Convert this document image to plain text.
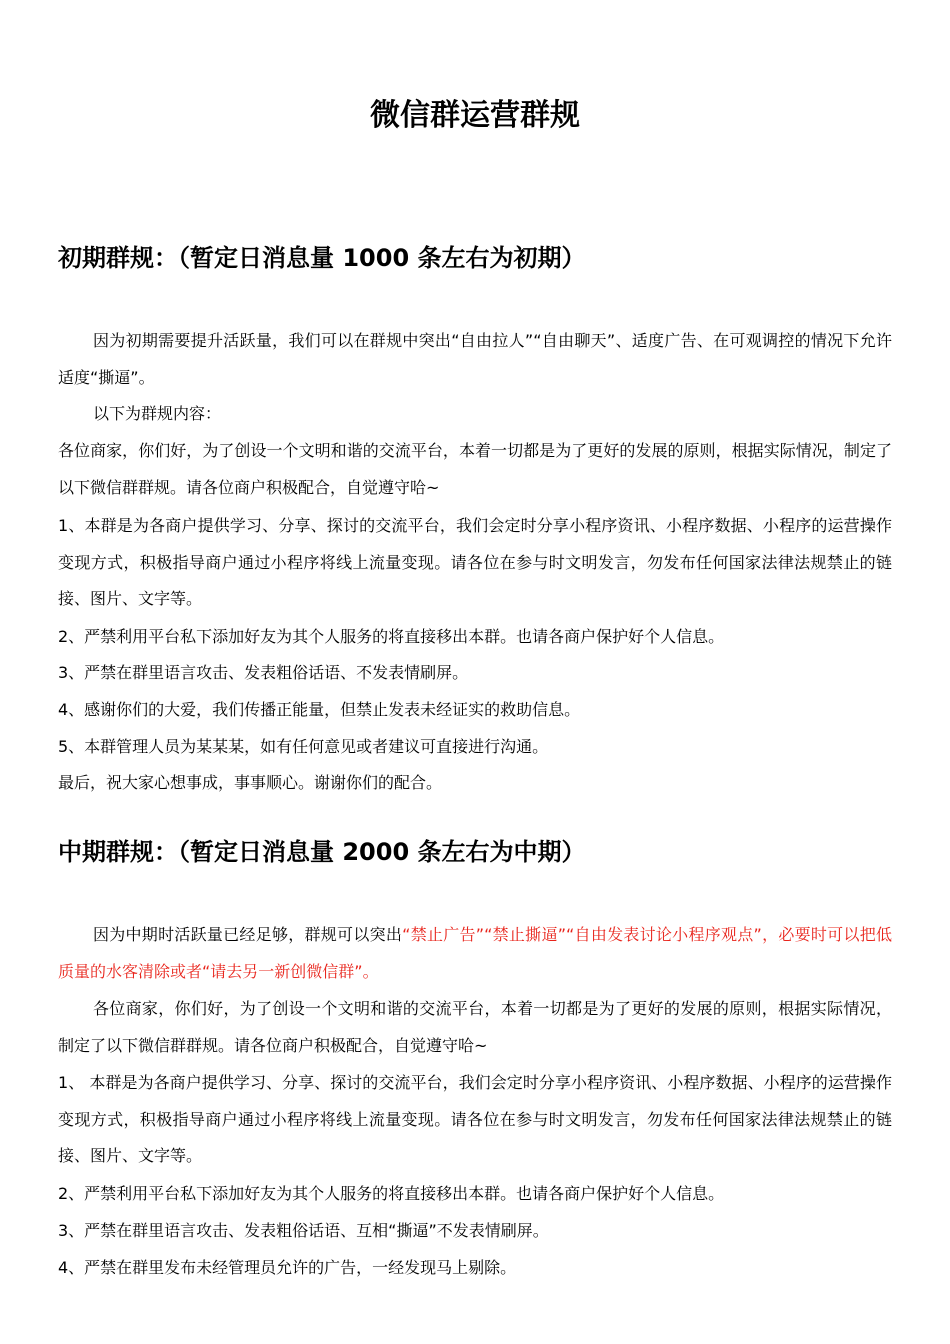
微信群运营群规
初期群规：（暂定日消息量 1000 条左右为初期）
因为初期需要提升活跃量，我们可以在群规中突出“自由拉人”“自由聊天”、适度广告、在可观调控的情况下允许适度“撕逼”。
以下为群规内容：
各位商家，你们好，为了创设一个文明和谐的交流平台，本着一切都是为了更好的发展的原则，根据实际情况，制定了以下微信群群规。请各位商户积极配合，自觉遵守哈~
1、本群是为各商户提供学习、分享、探讨的交流平台，我们会定时分享小程序资讯、小程序数据、小程序的运营操作变现方式，积极指导商户通过小程序将线上流量变现。请各位在参与时文明发言，勿发布任何国家法律法规禁止的链接、图片、文字等。
2、严禁利用平台私下添加好友为其个人服务的将直接移出本群。也请各商户保护好个人信息。
3、严禁在群里语言攻击、发表粗俗话语、不发表情刷屏。
4、感谢你们的大爱，我们传播正能量，但禁止发表未经证实的救助信息。
5、本群管理人员为某某某，如有任何意见或者建议可直接进行沟通。
最后，祝大家心想事成，事事顺心。谢谢你们的配合。
中期群规：（暂定日消息量 2000 条左右为中期）
因为中期时活跃量已经足够，群规可以突出“禁止广告”“禁止撕逼”“自由发表讨论小程序观点”，必要时可以把低质量的水客清除或者“请去另一新创微信群”。
各位商家，你们好，为了创设一个文明和谐的交流平台，本着一切都是为了更好的发展的原则，根据实际情况，制定了以下微信群群规。请各位商户积极配合，自觉遵守哈~
1、 本群是为各商户提供学习、分享、探讨的交流平台，我们会定时分享小程序资讯、小程序数据、小程序的运营操作变现方式，积极指导商户通过小程序将线上流量变现。请各位在参与时文明发言，勿发布任何国家法律法规禁止的链接、图片、文字等。
2、严禁利用平台私下添加好友为其个人服务的将直接移出本群。也请各商户保护好个人信息。
3、严禁在群里语言攻击、发表粗俗话语、互相“撕逼”不发表情刷屏。
4、严禁在群里发布未经管理员允许的广告，一经发现马上剔除。
